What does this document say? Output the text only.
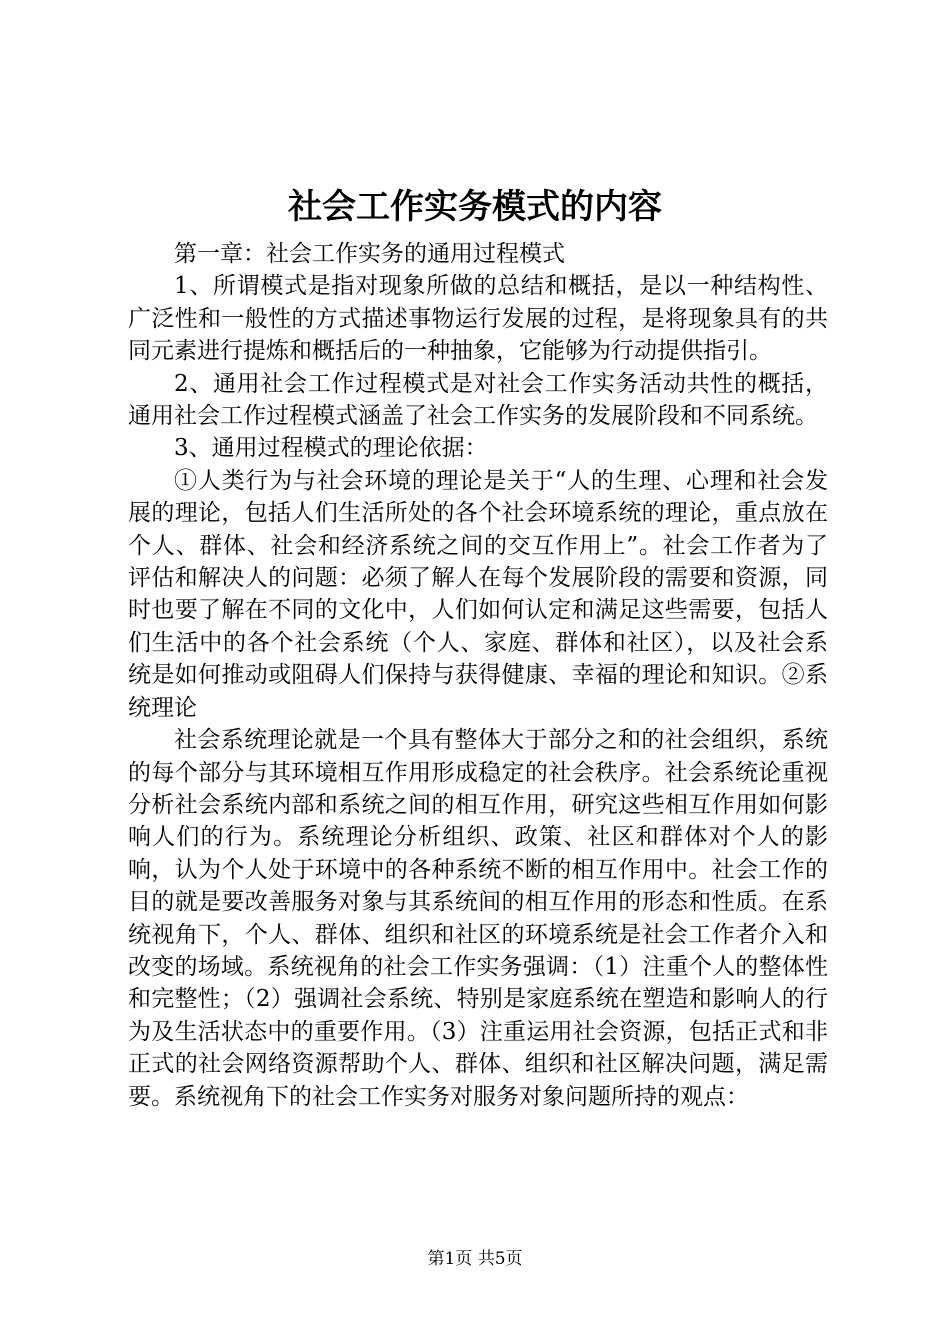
社会工作实务模式的内容

第一章：社会工作实务的通用过程模式

1、所谓模式是指对现象所做的总结和概括，是以一种结构性、广泛性和一般性的方式描述事物运行发展的过程，是将现象具有的共同元素进行提炼和概括后的一种抽象，它能够为行动提供指引。

2、通用社会工作过程模式是对社会工作实务活动共性的概括，通用社会工作过程模式涵盖了社会工作实务的发展阶段和不同系统。

3、通用过程模式的理论依据：

①人类行为与社会环境的理论是关于“人的生理、心理和社会发展的理论，包括人们生活所处的各个社会环境系统的理论，重点放在个人、群体、社会和经济系统之间的交互作用上”。社会工作者为了评估和解决人的问题：必须了解人在每个发展阶段的需要和资源，同时也要了解在不同的文化中，人们如何认定和满足这些需要，包括人们生活中的各个社会系统（个人、家庭、群体和社区），以及社会系统是如何推动或阻碍人们保持与获得健康、幸福的理论和知识。②系统理论

社会系统理论就是一个具有整体大于部分之和的社会组织，系统的每个部分与其环境相互作用形成稳定的社会秩序。社会系统论重视分析社会系统内部和系统之间的相互作用，研究这些相互作用如何影响人们的行为。系统理论分析组织、政策、社区和群体对个人的影响，认为个人处于环境中的各种系统不断的相互作用中。社会工作的目的就是要改善服务对象与其系统间的相互作用的形态和性质。在系统视角下，个人、群体、组织和社区的环境系统是社会工作者介入和改变的场域。系统视角的社会工作实务强调：（1）注重个人的整体性和完整性；（2）强调社会系统、特别是家庭系统在塑造和影响人的行为及生活状态中的重要作用。（3）注重运用社会资源，包括正式和非正式的社会网络资源帮助个人、群体、组织和社区解决问题，满足需要。系统视角下的社会工作实务对服务对象问题所持的观点：

第1页 共5页
